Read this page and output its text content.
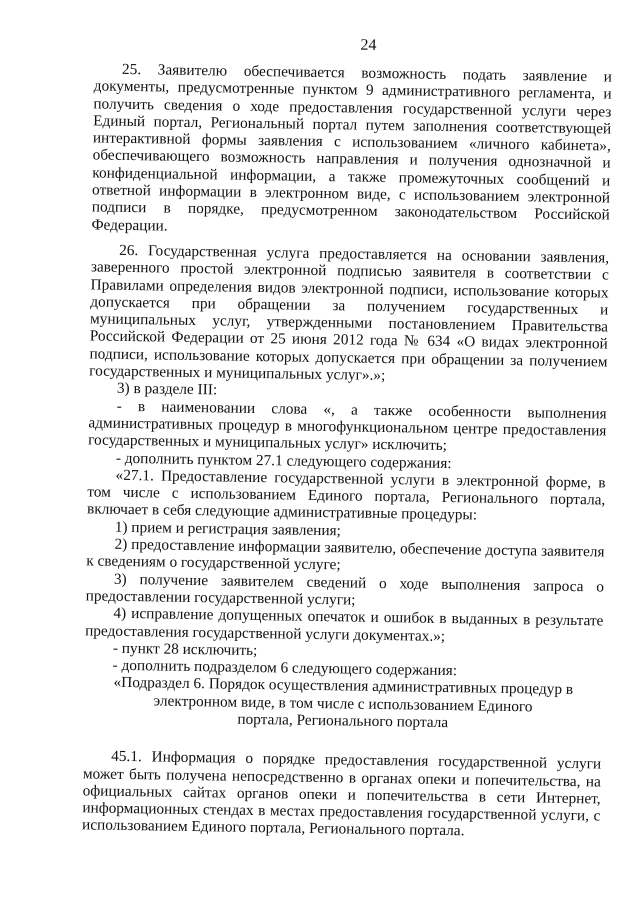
24

25. Заявителю обеспечивается возможность подать заявление и документы, предусмотренные пунктом 9 административного регламента, и получить сведения о ходе предоставления государственной услуги через Единый портал, Региональный портал путем заполнения соответствующей интерактивной формы заявления с использованием «личного кабинета», обеспечивающего возможность направления и получения однозначной и конфиденциальной информации, а также промежуточных сообщений и ответной информации в электронном виде, с использованием электронной подписи в порядке, предусмотренном законодательством Российской Федерации.

26. Государственная услуга предоставляется на основании заявления, заверенного простой электронной подписью заявителя в соответствии с Правилами определения видов электронной подписи, использование которых допускается при обращении за получением государственных и муниципальных услуг, утвержденными постановлением Правительства Российской Федерации от 25 июня 2012 года № 634 «О видах электронной подписи, использование которых допускается при обращении за получением государственных и муниципальных услуг».»;

3) в разделе III:

- в наименовании слова «, а также особенности выполнения административных процедур в многофункциональном центре предоставления государственных и муниципальных услуг» исключить;

- дополнить пунктом 27.1 следующего содержания:

«27.1. Предоставление государственной услуги в электронной форме, в том числе с использованием Единого портала, Регионального портала, включает в себя следующие административные процедуры:

1) прием и регистрация заявления;

2) предоставление информации заявителю, обеспечение доступа заявителя к сведениям о государственной услуге;

3) получение заявителем сведений о ходе выполнения запроса о предоставлении государственной услуги;

4) исправление допущенных опечаток и ошибок в выданных в результате предоставления государственной услуги документах.»;

- пункт 28 исключить;

- дополнить подразделом 6 следующего содержания:

«Подраздел 6. Порядок осуществления административных процедур в
электронном виде, в том числе с использованием Единого
портала, Регионального портала

45.1. Информация о порядке предоставления государственной услуги может быть получена непосредственно в органах опеки и попечительства, на официальных сайтах органов опеки и попечительства в сети Интернет, информационных стендах в местах предоставления государственной услуги, с использованием Единого портала, Регионального портала.
